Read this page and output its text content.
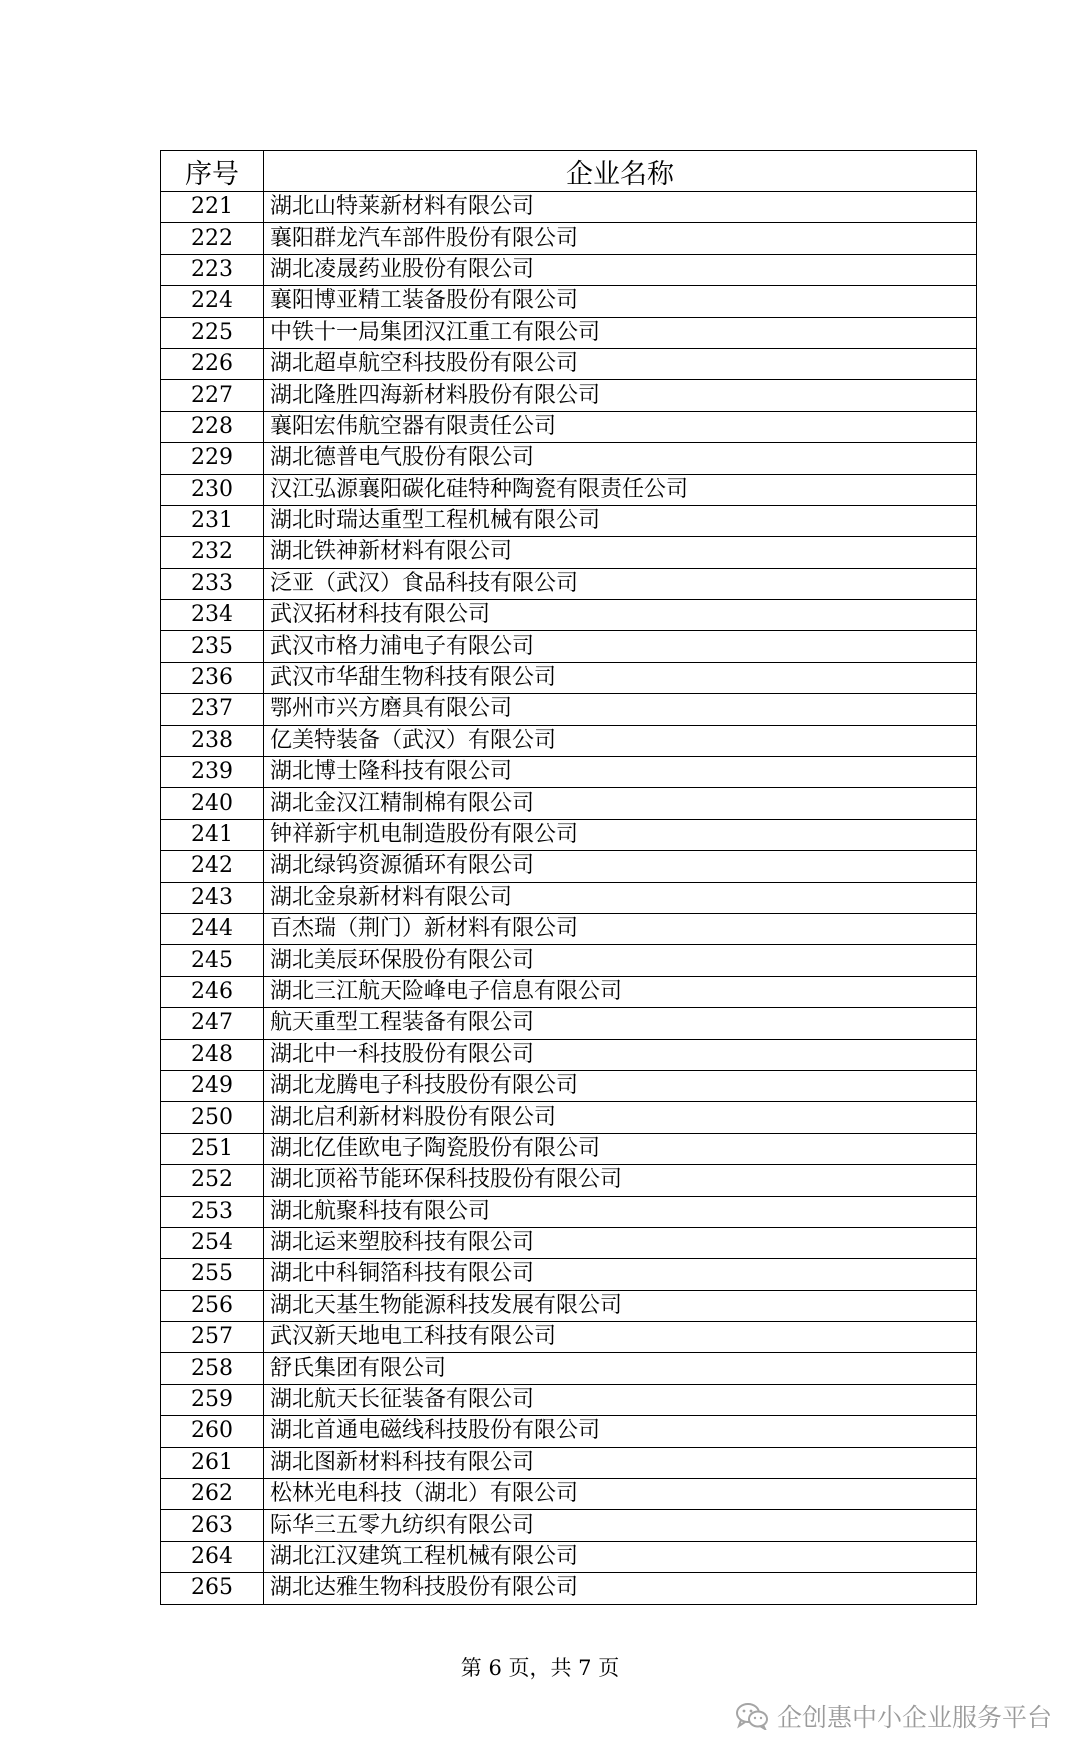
序号	企业名称
221	湖北山特莱新材料有限公司
222	襄阳群龙汽车部件股份有限公司
223	湖北凌晟药业股份有限公司
224	襄阳博亚精工装备股份有限公司
225	中铁十一局集团汉江重工有限公司
226	湖北超卓航空科技股份有限公司
227	湖北隆胜四海新材料股份有限公司
228	襄阳宏伟航空器有限责任公司
229	湖北德普电气股份有限公司
230	汉江弘源襄阳碳化硅特种陶瓷有限责任公司
231	湖北时瑞达重型工程机械有限公司
232	湖北铁神新材料有限公司
233	泛亚（武汉）食品科技有限公司
234	武汉拓材科技有限公司
235	武汉市格力浦电子有限公司
236	武汉市华甜生物科技有限公司
237	鄂州市兴方磨具有限公司
238	亿美特装备（武汉）有限公司
239	湖北博士隆科技有限公司
240	湖北金汉江精制棉有限公司
241	钟祥新宇机电制造股份有限公司
242	湖北绿钨资源循环有限公司
243	湖北金泉新材料有限公司
244	百杰瑞（荆门）新材料有限公司
245	湖北美辰环保股份有限公司
246	湖北三江航天险峰电子信息有限公司
247	航天重型工程装备有限公司
248	湖北中一科技股份有限公司
249	湖北龙腾电子科技股份有限公司
250	湖北启利新材料股份有限公司
251	湖北亿佳欧电子陶瓷股份有限公司
252	湖北顶裕节能环保科技股份有限公司
253	湖北航聚科技有限公司
254	湖北运来塑胶科技有限公司
255	湖北中科铜箔科技有限公司
256	湖北天基生物能源科技发展有限公司
257	武汉新天地电工科技有限公司
258	舒氏集团有限公司
259	湖北航天长征装备有限公司
260	湖北首通电磁线科技股份有限公司
261	湖北图新材料科技有限公司
262	松林光电科技（湖北）有限公司
263	际华三五零九纺织有限公司
264	湖北江汉建筑工程机械有限公司
265	湖北达雅生物科技股份有限公司
第 6 页，共 7 页
企创惠中小企业服务平台
